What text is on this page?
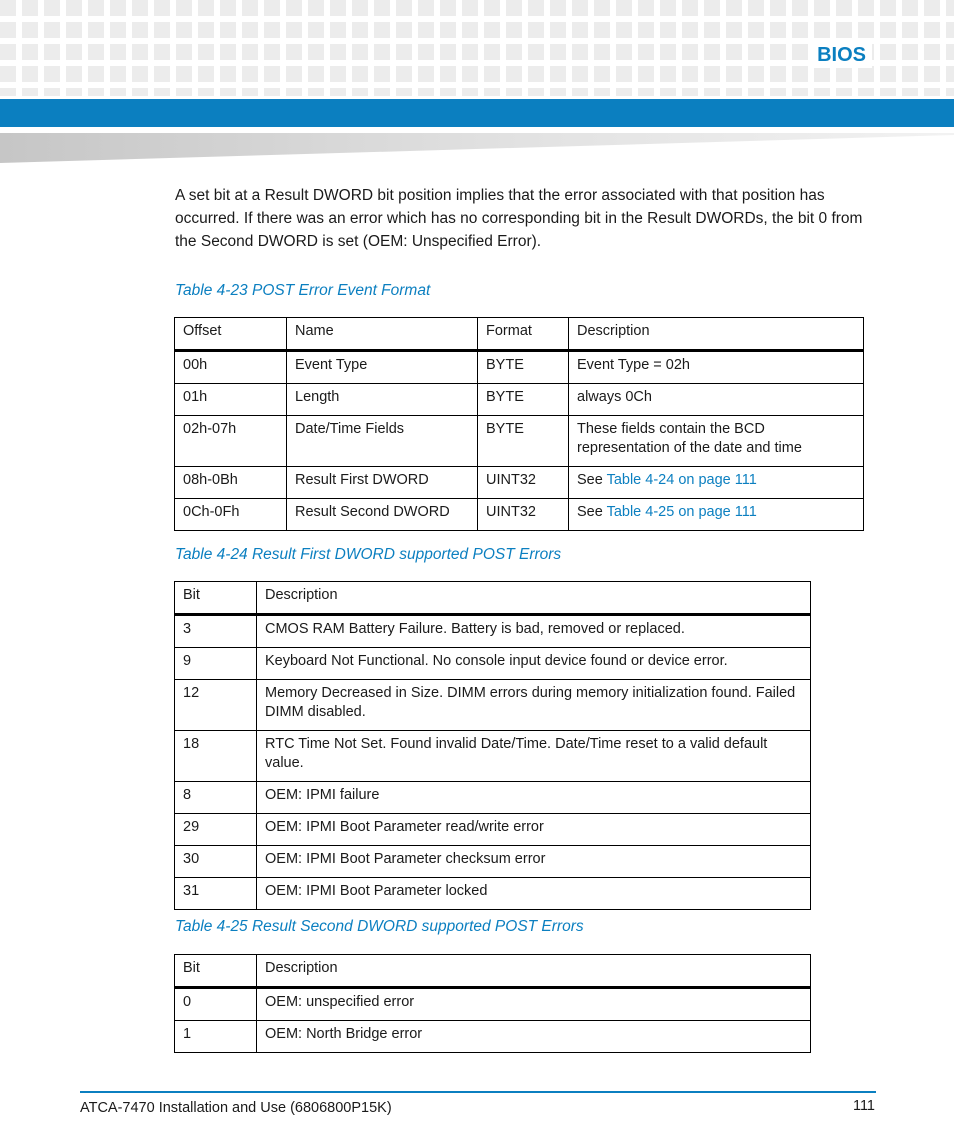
BIOS

A set bit at a Result DWORD bit position implies that the error associated with that position has occurred. If there was an error which has no corresponding bit in the Result DWORDs, the bit 0 from the Second DWORD is set (OEM: Unspecified Error).

Table 4-23 POST Error Event Format

Offset	Name	Format	Description
00h	Event Type	BYTE	Event Type = 02h
01h	Length	BYTE	always 0Ch
02h-07h	Date/Time Fields	BYTE	These fields contain the BCD representation of the date and time
08h-0Bh	Result First DWORD	UINT32	See Table 4-24 on page 111
0Ch-0Fh	Result Second DWORD	UINT32	See Table 4-25 on page 111

Table 4-24 Result First DWORD supported POST Errors

Bit	Description
3	CMOS RAM Battery Failure. Battery is bad, removed or replaced.
9	Keyboard Not Functional. No console input device found or device error.
12	Memory Decreased in Size. DIMM errors during memory initialization found. Failed DIMM disabled.
18	RTC Time Not Set. Found invalid Date/Time. Date/Time reset to a valid default value.
8	OEM: IPMI failure
29	OEM: IPMI Boot Parameter read/write error
30	OEM: IPMI Boot Parameter checksum error
31	OEM: IPMI Boot Parameter locked

Table 4-25 Result Second DWORD supported POST Errors

Bit	Description
0	OEM: unspecified error
1	OEM: North Bridge error
ATCA-7470 Installation and Use (6806800P15K)	111
